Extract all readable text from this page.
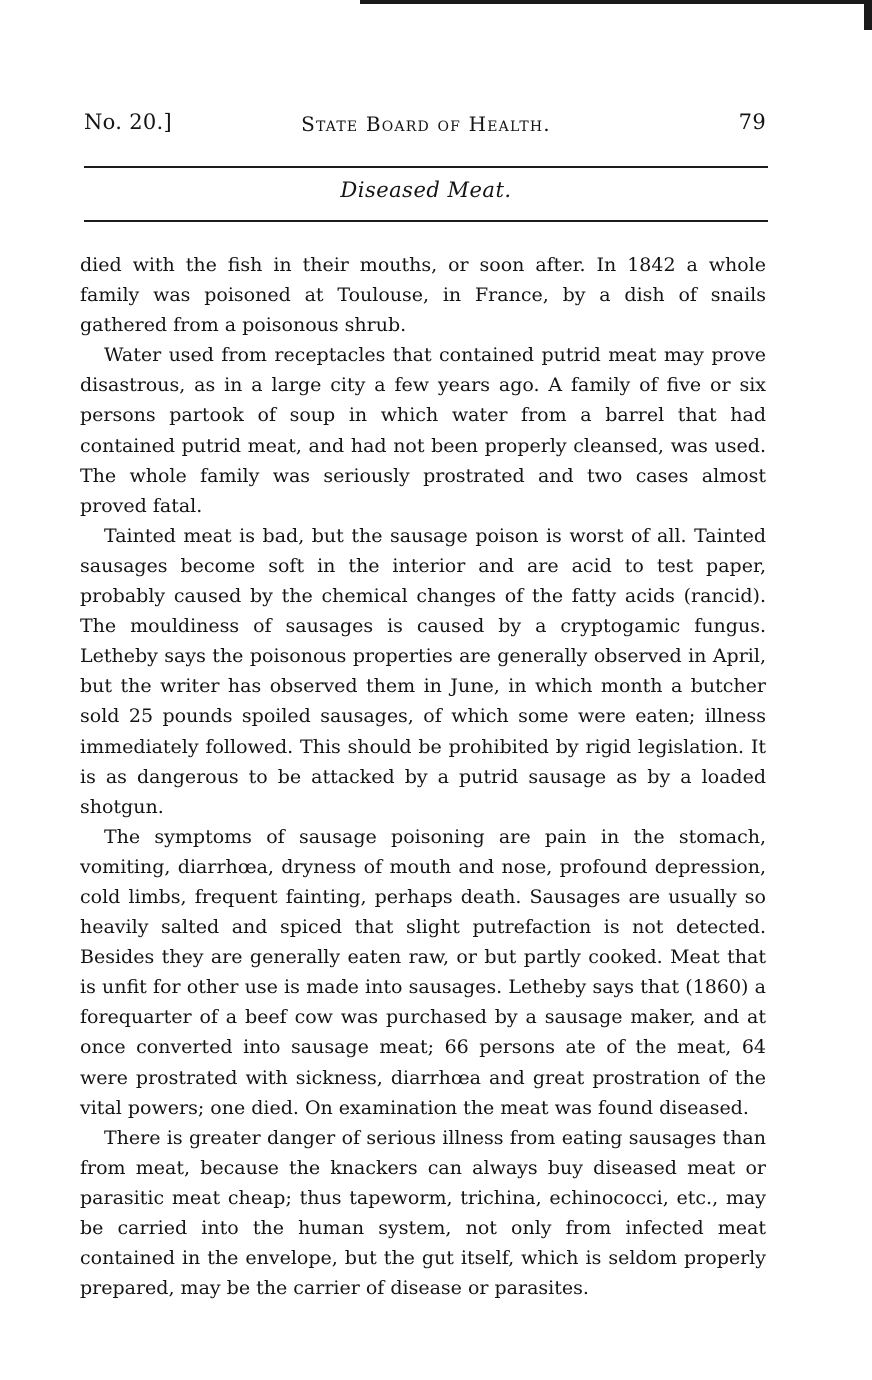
No. 20.]	State Board of Health.	79
Diseased Meat.

died with the fish in their mouths, or soon after. In 1842 a whole family was poisoned at Toulouse, in France, by a dish of snails gathered from a poisonous shrub.

Water used from receptacles that contained putrid meat may prove disastrous, as in a large city a few years ago. A family of five or six persons partook of soup in which water from a barrel that had contained putrid meat, and had not been properly cleansed, was used. The whole family was seriously prostrated and two cases almost proved fatal.

Tainted meat is bad, but the sausage poison is worst of all. Tainted sausages become soft in the interior and are acid to test paper, probably caused by the chemical changes of the fatty acids (rancid). The mouldiness of sausages is caused by a cryptogamic fungus. Letheby says the poisonous properties are generally observed in April, but the writer has observed them in June, in which month a butcher sold 25 pounds spoiled sausages, of which some were eaten; illness immediately followed. This should be prohibited by rigid legislation. It is as dangerous to be attacked by a putrid sausage as by a loaded shotgun.

The symptoms of sausage poisoning are pain in the stomach, vomiting, diarrhœa, dryness of mouth and nose, profound depression, cold limbs, frequent fainting, perhaps death. Sausages are usually so heavily salted and spiced that slight putrefaction is not detected. Besides they are generally eaten raw, or but partly cooked. Meat that is unfit for other use is made into sausages. Letheby says that (1860) a forequarter of a beef cow was purchased by a sausage maker, and at once converted into sausage meat; 66 persons ate of the meat, 64 were prostrated with sickness, diarrhœa and great prostration of the vital powers; one died. On examination the meat was found diseased.

There is greater danger of serious illness from eating sausages than from meat, because the knackers can always buy diseased meat or parasitic meat cheap; thus tapeworm, trichina, echinococci, etc., may be carried into the human system, not only from infected meat contained in the envelope, but the gut itself, which is seldom properly prepared, may be the carrier of disease or parasites.
